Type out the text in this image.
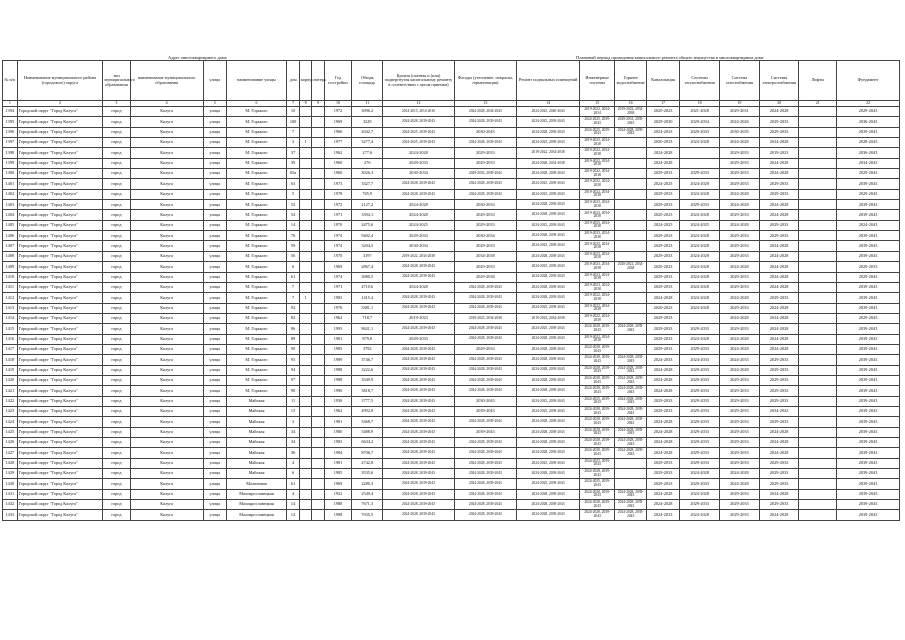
Адрес многоквартирного дома	Плановый период проведения капитального ремонта общего имущества в многоквартирном доме
№ п/п	Наименование муниципального района (городского) округа	тип муниципального образования	наименование муниципального образования	улица	наименование улицы	дом	корпус	литера	Год постройки	Общая площадь	Кровля (скатная и (или) подвергнутая капитальному ремонту в соответствии с актом приемки)	Фасады (утепление, покраска, герметизация)	Ремонт подвальных помещений	Инженерные системы	Горячее водоснабжение	Канализация	Системы теплоснабжения	Система газоснабжения	Системы электроснабжения	Лифты	Фундамент
1	2	3	4	5	6	7	8	9	10	11	12	13	14	15	16	17	18	19	20	21	22
1394	Городской округ "Город Калуга"	город	Калуга	улица	М. Горького	10			1972	3096,2	2014-2015, 2014-2016	2024-2028, 2034-2043	2024-2025, 2040-2043	2019-2022, 2034-2034	2019-2022, 2034-2038	2020-2023	2021-2028	2029-2031	2024-2028		2029-2043
1395	Городской округ "Город Калуга"	город	Калуга	улица	М. Горького	100			1969	3229	2024-2028, 2039-2043	2024-2028, 2039-2043	2024-2025, 2039-2043	2024-2025, 2039-2043	2029-2031, 2039-2043	2029-2030	2029-2034	2024-2026	2029-2033		2036-2043
1396	Городской округ "Город Калуга"	город	Калуга	улица	М. Горького	7			1966	2042,7	2024-2025, 2039-2043	2030-2043	2024-2028, 2039-2043	2024-2025, 2039-2043	2024-2028, 2039-2043	2024-2033	2029-2033	2030-2035	2029-2033		2039-2043
1397	Городской округ "Город Калуга"	город	Калуга	улица	М. Горького	3	1		1977	3277,4	2024-2025, 2039-2043	2024-2028, 2039-2043	2024-2025, 2039-2043	2019-2023, 2034-2038		2020-2033	2024-2028	2024-2028	2024-2028		2028-2043
1398	Городской округ "Город Калуга"	город	Калуга	улица	М. Горького	37			1962	277,6	2024-2028	2029-2033	2019-2022, 2034-2038	2019-2022, 2034-2038		2024-2028		2029-2033	2019-2023		2036-2043
1399	Городской округ "Город Калуга"	город	Калуга	улица	М. Горького	39			1960	276	2029-2033	2029-2033	2024-2028, 2034-2038	2019-2022, 2034-2038		2024-2028		2029-2033	2024-2028		2034-2043
1400	Городской округ "Город Калуга"	город	Калуга	улица	М. Горького	65a			1960	3026,3	2030-2034	2029-2033, 2039-2043	2024-2028, 2039-2043	2019-2022, 2034-2038		2029-2033	2029-2033	2029-2033	2024-2028		2029-2043
1401	Городской округ "Город Калуга"	город	Калуга	улица	М. Горького	63			1973	3327,7	2024-2028, 2039-2043	2024-2028, 2039-2043	2024-2025, 2039-2043	2019-2022, 2034-2038		2024-2025	2024-2028	2029-2033	2029-2033		2039-2043
1402	Городской округ "Город Калуга"	город	Калуга	улица	М. Горького	5			1978	765,9	2024-2028, 2039-2043	2024-2028, 2039-2043	2024-2025, 2039-2043	2019-2022, 2034-2038		2029-2033	2024-2028	2024-2028	2029-2033		2029-2043
1403	Городской округ "Город Калуга"	город	Калуга	улица	М. Горького	52			1972	2127,2	2024-2028	2030-2033	2024-2028, 2039-2043	2019-2023, 2034-2038		2029-2033	2029-2033	2024-2028	2024-2028		2039-2043
1404	Городской округ "Город Калуга"	город	Калуга	улица	М. Горького	54			1971	3394,1	2024-2028	2029-2033	2024-2028, 2039-2043	2019-2023, 2034-2038		2020-2023	2024-2028	2029-2033	2024-2028		2039-2043
1405	Городской округ "Город Калуга"	город	Калуга	улица	М. Горького	14			1970	2475,6	2024-2025	2029-2033	2024-2025, 2039-2043	2019-2023, 2034-2038		2024-2025	2024-2025	2024-2028	2029-2033		2024-2043
1406	Городской округ "Город Калуга"	город	Калуга	улица	М. Горького	76			1974	9402,4	2029-2033	2030-2034	2024-2028, 2039-2043	2019-2023, 2034-2038		2029-2033	2024-2028	2029-2033	2029-2033		2039-2043
1407	Городской округ "Город Калуга"	город	Калуга	улица	М. Горького	59			1974	3204,5	2030-2034	2029-2033	2024-2025, 2039-2043	2019-2023, 2034-2038		2029-2033	2024-2028	2029-2033	2024-2028		2039-2043
1408	Городской округ "Город Калуга"	город	Калуга	улица	М. Горького	56			1970	3197	2019-2022, 2034-2038	2034-2038	2024-2028, 2039-2043	2019-2023, 2034-2038		2029-2033	2024-2028	2029-2033	2024-2028		2039-2043
1409	Городской округ "Город Калуга"	город	Калуга	улица	М. Горького	6			1969	2867,4	2024-2028, 2039-2043	2029-2033	2024-2025, 2039-2043	2019-2023, 2034-2038	2020-2021, 2034-2038	2020-2023	2024-2028	2024-2028	2024-2028		2029-2033
1410	Городской округ "Город Калуга"	город	Калуга	улица	М. Горького	61			1974	3080,5	2024-2028, 2039-2043	2029-2038	2024-2028, 2039-2043	2019-2023, 2034-2038		2029-2033	2024-2028	2029-2033	2024-2028		2029-2043
1411	Городской округ "Город Калуга"	город	Калуга	улица	М. Горького	7			1971	4710,6	2024-2028	2024-2028, 2039-2043	2024-2028, 2039-2043	2019-2023, 2034-2038		2029-2033	2024-2028	2029-2033	2024-2028		2039-2043
1412	Городской округ "Город Калуга"	город	Калуга	улица	М. Горького	7	1		1983	1415,4	2024-2028, 2039-2043	2024-2028, 2039-2043	2024-2028, 2039-2043	2019-2022, 2034-2038		2024-2028	2024-2028	2024-2028	2029-2033		2039-2043
1413	Городской округ "Город Калуга"	город	Калуга	улица	М. Горького	92			1976	3381,1	2024-2028, 2039-2043	2024-2028, 2039-2043	2024-2025, 2039-2043	2019-2022, 2034-2038		2020-2023	2024-2028	2029-2033	2024-2028		2039-2043
1414	Городской округ "Город Калуга"	город	Калуга	улица	М. Горького	82			1962	718,7	2019-2023	2019-2023, 2034-2038	2019-2023, 2034-2038	2019-2022, 2034-2038		2029-2033		2024-2028	2024-2028		2029-2043
1415	Городской округ "Город Калуга"	город	Калуга	улица	М. Горького	86			1993	8621,1	2024-2028, 2039-2043	2024-2028, 2039-2043	2024-2025, 2039-2043	2024-2028, 2039-2043	2024-2028, 2039-2043	2029-2033	2029-2033	2029-2033	2024-2028		2039-2043
1416	Городской округ "Город Калуга"	город	Калуга	улица	М. Горького	89			1981	879,8	2029-2033	2024-2028, 2039-2043	2024-2028, 2039-2043	2019-2022, 2034-2038		2029-2033	2024-2028	2024-2028	2024-2028		2039-2043
1417	Городской округ "Город Калуга"	город	Калуга	улица	М. Горького	90			1985	3792	2024-2028, 2039-2043	2029-2033	2024-2028, 2039-2043	2024-2028, 2039-2043		2029-2033	2029-2033	2024-2028	2024-2028		2039-2043
1418	Городской округ "Город Калуга"	город	Калуга	улица	М. Горького	93			1989	3746,7	2024-2028, 2039-2043	2024-2028, 2039-2043	2024-2028, 2039-2043	2024-2028, 2039-2043	2024-2028, 2039-2043	2024-2033	2024-2033	2024-2033	2029-2033		2039-2043
1419	Городской округ "Город Калуга"	город	Калуга	улица	М. Горького	94			1988	3222,6	2024-2028, 2039-2043	2024-2028, 2039-2043	2024-2028, 2039-2043	2024-2028, 2039-2043	2024-2028, 2039-2043	2024-2028	2029-2033	2024-2028	2029-2033		2039-2043
1420	Городской округ "Город Калуга"	город	Калуга	улица	М. Горького	97			1988	3549,9	2024-2028, 2039-2043	2024-2028, 2039-2043	2024-2028, 2039-2043	2024-2028, 2039-2043	2024-2028, 2039-2043	2024-2028	2029-2033	2029-2033	2029-2033		2039-2043
1421	Городской округ "Город Калуга"	город	Калуга	улица	М. Горького	98			1990	3818,7	2024-2028, 2039-2043	2024-2028, 2039-2043	2024-2028, 2039-2043	2024-2028, 2039-2043	2024-2028, 2039-2043	2024-2028	2029-2033	2029-2033	2029-2033		2039-2043
1422	Городской округ "Город Калуга"	город	Калуга	улица	Майская	11			1930	3777,5	2024-2028, 2039-2043	2030-2043	2024-2025, 2039-2043	2024-2025, 2039-2043	2024-2028, 2039-2043	2029-2033	2029-2033	2029-2033	2029-2033		2039-2043
1423	Городской округ "Город Калуга"	город	Калуга	улица	Майская	15			1962	4992,8	2024-2028, 2039-2043	2039-2043	2024-2025, 2039-2043	2024-2028, 2039-2043	2024-2028, 2039-2043	2029-2033	2029-2033	2029-2033	2034-2043		2039-2043
1424	Городской округ "Город Калуга"	город	Калуга	улица	Майская	3			1981	3368,7	2024-2028, 2039-2043	2024-2028, 2039-2043	2024-2028, 2039-2043	2024-2028, 2039-2043	2024-2028, 2039-2043	2024-2028	2029-2033	2029-2033	2029-2033		2039-2043
1425	Городской округ "Город Калуга"	город	Калуга	улица	Майская	34			1980	5488,9	2024-2028, 2039-2043	2039-2043	2024-2028, 2039-2043	2024-2028, 2039-2043	2024-2028, 2039-2043	2024-2028	2029-2033	2029-2033	2024-2028		2039-2043
1426	Городской округ "Город Калуга"	город	Калуга	улица	Майская	34			1983	6634,2	2024-2028, 2039-2043	2024-2028, 2039-2043	2024-2028, 2039-2043	2024-2028, 2039-2043	2024-2028, 2039-2043	2024-2028	2029-2033	2029-2033	2024-2028		2039-2043
1427	Городской округ "Город Калуга"	город	Калуга	улица	Майская	36			1984	8706,7	2024-2028, 2039-2043	2024-2028, 2039-2043	2024-2028, 2039-2043	2024-2028, 2039-2043	2024-2028, 2039-2043	2024-2028	2029-2033	2029-2033	2024-2028		2039-2043
1428	Городской округ "Город Калуга"	город	Калуга	улица	Майская	4			1981	2742,8	2024-2028, 2039-2043	2024-2028, 2039-2043	2024-2025, 2039-2043	2024-2025, 2039-2043		2029-2033	2029-2033	2029-2033	2029-2033		2039-2043
1429	Городской округ "Город Калуга"	город	Калуга	улица	Майская	6			1985	3535,6	2024-2028, 2039-2043	2024-2028, 2039-2043	2024-2028, 2039-2043	2024-2028, 2039-2043		2029-2033	2024-2028	2024-2028	2029-2033		2039-2043
1430	Городской округ "Город Калуга"	город	Калуга	улица	Малиновая	61			1969	2280,3	2024-2028, 2039-2043	2024-2028, 2039-2043	2024-2025, 2039-2043	2024-2025, 2039-2043		2029-2033	2029-2033	2024-2028	2029-2033		2039-2043
1431	Городской округ "Город Калуга"	город	Калуга	улица	Малоярославецкая	4			1952	2549,4	2024-2028, 2039-2043	2024-2028, 2039-2043	2024-2028, 2039-2043	2024-2028, 2039-2043	2024-2028, 2039-2043	2024-2028	2024-2028	2029-2033	2024-2028		2039-2043
1432	Городской округ "Город Калуга"	город	Калуга	улица	Малоярославецкая	14			1988	7671,3	2024-2028, 2039-2043	2024-2028, 2039-2043	2024-2028, 2039-2043	2024-2028, 2039-2043	2024-2028, 2039-2043	2024-2028	2029-2033	2029-2033	2029-2033		2039-2043
1433	Городской округ "Город Калуга"	город	Калуга	улица	Малоярославецкая	12			1988	7035,5	2024-2028, 2039-2043	2024-2028, 2039-2043	2024-2028, 2039-2043	2024-2028, 2039-2043	2024-2028, 2039-2043	2024-2033	2024-2028	2029-2033	2024-2028		2039-2043
